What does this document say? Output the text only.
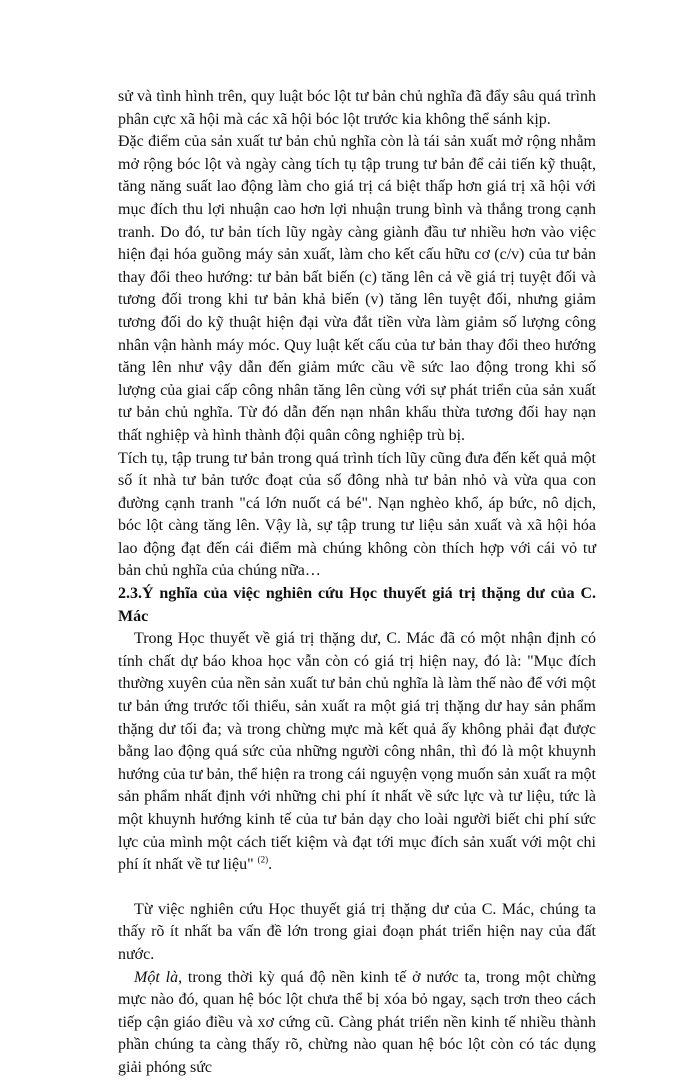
sử và tình hình trên, quy luật bóc lột tư bản chủ nghĩa đã đẩy sâu quá trình phân cực xã hội mà các xã hội bóc lột trước kia không thể sánh kịp.

Đặc điểm của sản xuất tư bản chủ nghĩa còn là tái sản xuất mở rộng nhằm mở rộng bóc lột và ngày càng tích tụ tập trung tư bản để cải tiến kỹ thuật, tăng năng suất lao động làm cho giá trị cá biệt thấp hơn giá trị xã hội với mục đích thu lợi nhuận cao hơn lợi nhuận trung bình và thắng trong cạnh tranh. Do đó, tư bản tích lũy ngày càng giành đầu tư nhiều hơn vào việc hiện đại hóa guồng máy sản xuất, làm cho kết cấu hữu cơ (c/v) của tư bản thay đổi theo hướng: tư bản bất biến (c) tăng lên cả về giá trị tuyệt đối và tương đối trong khi tư bản khả biến (v) tăng lên tuyệt đối, nhưng giảm tương đối do kỹ thuật hiện đại vừa đắt tiền vừa làm giảm số lượng công nhân vận hành máy móc. Quy luật kết cấu của tư bản thay đổi theo hướng tăng lên như vậy dẫn đến giảm mức cầu về sức lao động trong khi số lượng của giai cấp công nhân tăng lên cùng với sự phát triển của sản xuất tư bản chủ nghĩa. Từ đó dẫn đến nạn nhân khẩu thừa tương đối hay nạn thất nghiệp và hình thành đội quân công nghiệp trù bị.

Tích tụ, tập trung tư bản trong quá trình tích lũy cũng đưa đến kết quả một số ít nhà tư bản tước đoạt của số đông nhà tư bản nhỏ và vừa qua con đường cạnh tranh "cá lớn nuốt cá bé". Nạn nghèo khổ, áp bức, nô dịch, bóc lột càng tăng lên. Vậy là, sự tập trung tư liệu sản xuất và xã hội hóa lao động đạt đến cái điểm mà chúng không còn thích hợp với cái vỏ tư bản chủ nghĩa của chúng nữa…

2.3.Ý nghĩa của việc nghiên cứu Học thuyết giá trị thặng dư của C. Mác

Trong Học thuyết về giá trị thặng dư, C. Mác đã có một nhận định có tính chất dự báo khoa học vẫn còn có giá trị hiện nay, đó là: "Mục đích thường xuyên của nền sản xuất tư bản chủ nghĩa là làm thế nào để với một tư bản ứng trước tối thiểu, sản xuất ra một giá trị thặng dư hay sản phẩm thặng dư tối đa; và trong chừng mực mà kết quả ấy không phải đạt được bằng lao động quá sức của những người công nhân, thì đó là một khuynh hướng của tư bản, thể hiện ra trong cái nguyện vọng muốn sản xuất ra một sản phẩm nhất định với những chi phí ít nhất về sức lực và tư liệu, tức là một khuynh hướng kinh tế của tư bản dạy cho loài người biết chi phí sức lực của mình một cách tiết kiệm và đạt tới mục đích sản xuất với một chi phí ít nhất về tư liệu" $^{(2)}$.

Từ việc nghiên cứu Học thuyết giá trị thặng dư của C. Mác, chúng ta thấy rõ ít nhất ba vấn đề lớn trong giai đoạn phát triển hiện nay của đất nước.

Một là, trong thời kỳ quá độ nền kinh tế ở nước ta, trong một chừng mực nào đó, quan hệ bóc lột chưa thể bị xóa bỏ ngay, sạch trơn theo cách tiếp cận giáo điều và xơ cứng cũ. Càng phát triển nền kinh tế nhiều thành phần chúng ta càng thấy rõ, chừng nào quan hệ bóc lột còn có tác dụng giải phóng sức
